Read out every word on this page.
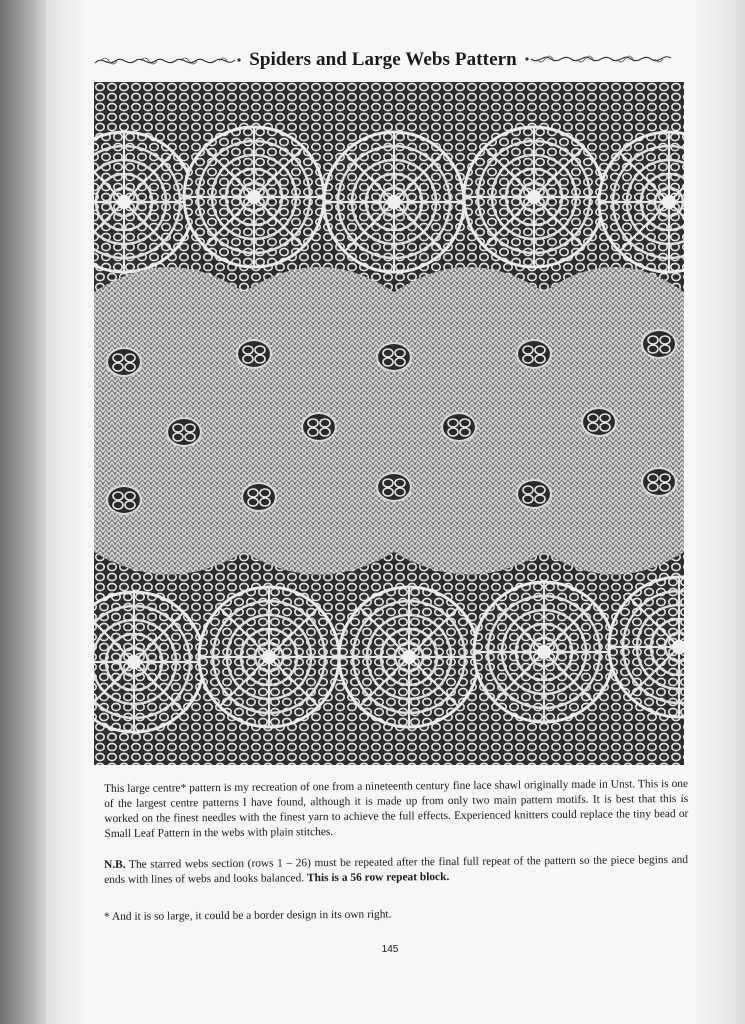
Spiders and Large Webs Pattern

This large centre* pattern is my recreation of one from a nineteenth century fine lace shawl originally made in Unst. This is one of the largest centre patterns I have found, although it is made up from only two main pattern motifs. It is best that this is worked on the finest needles with the finest yarn to achieve the full effects. Experienced knitters could replace the tiny bead or Small Leaf Pattern in the webs with plain stitches.

N.B. The starred webs section (rows 1 – 26) must be repeated after the final full repeat of the pattern so the piece begins and ends with lines of webs and looks balanced. This is a 56 row repeat block.

* And it is so large, it could be a border design in its own right.

145
